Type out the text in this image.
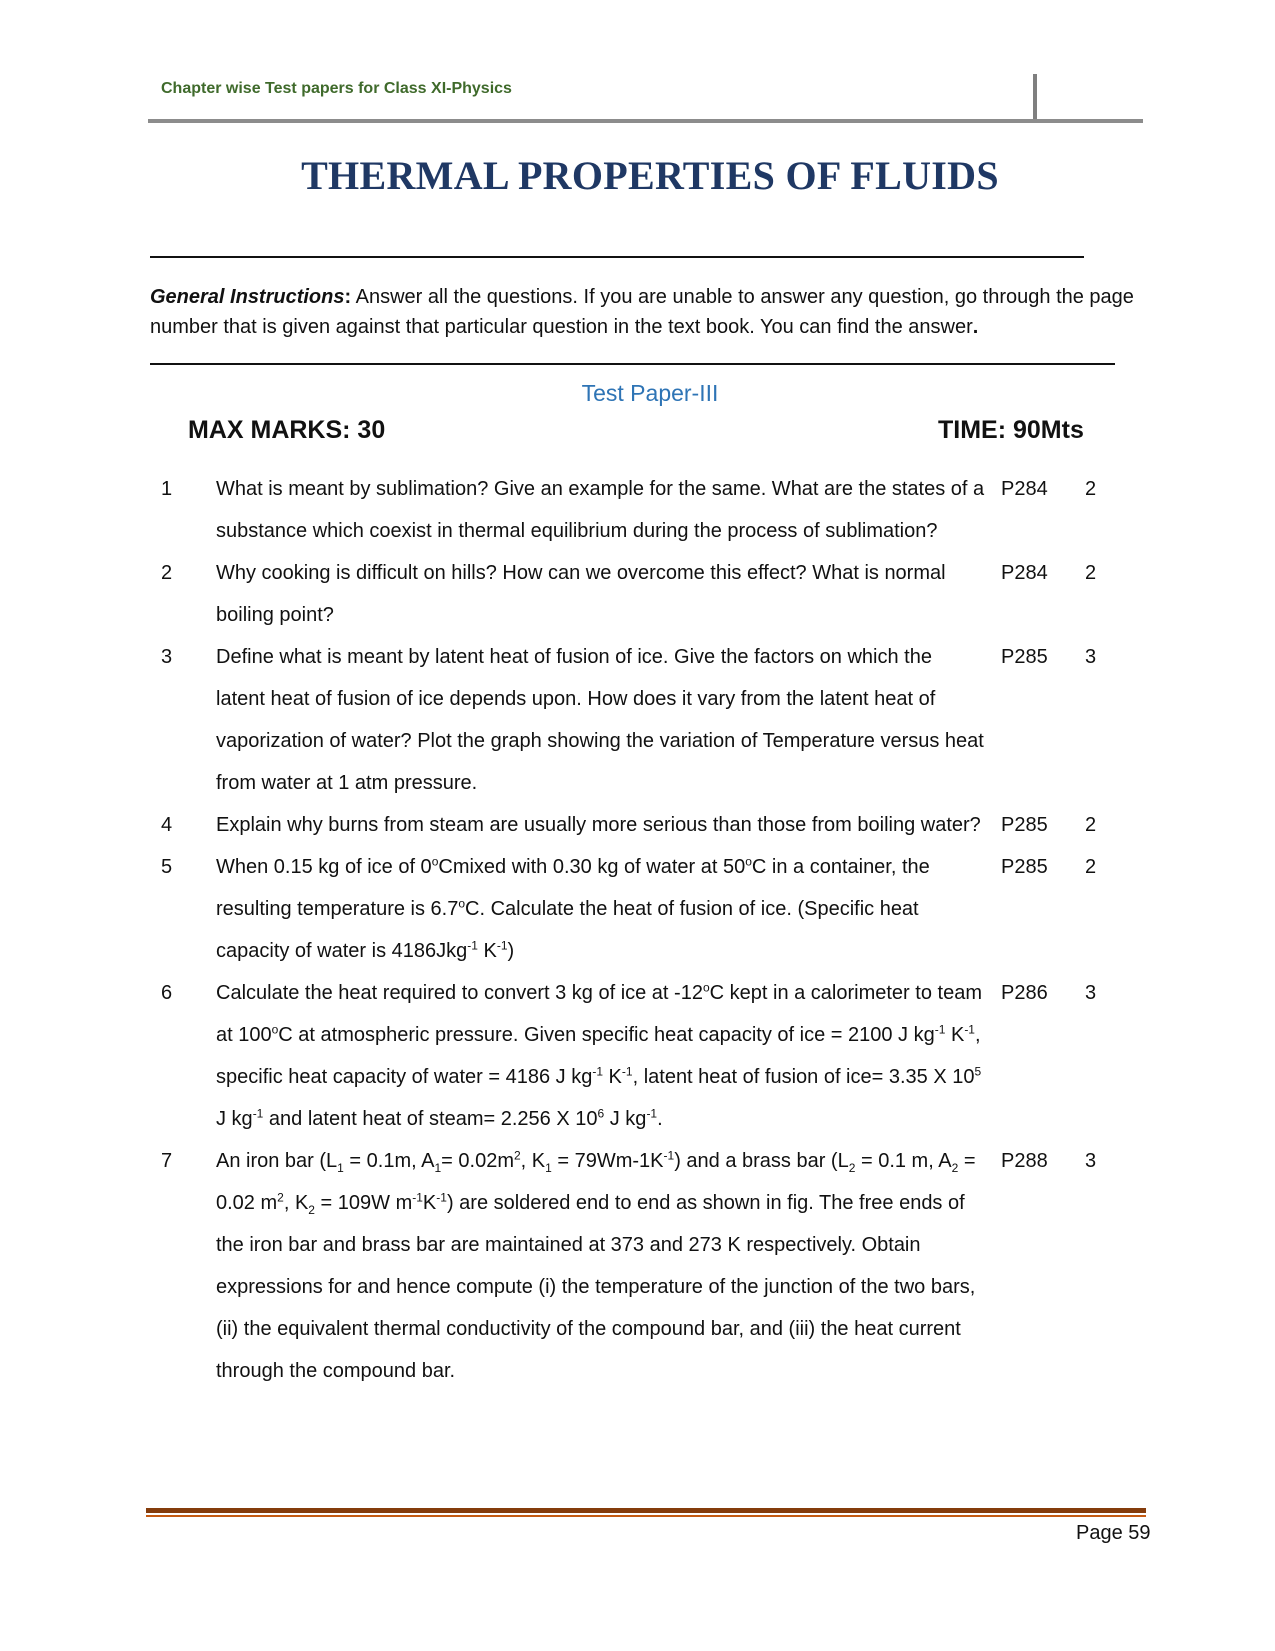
Chapter wise Test papers for Class XI-Physics
THERMAL PROPERTIES OF FLUIDS
General Instructions: Answer all the questions. If you are unable to answer any question, go through the page number that is given against that particular question in the text book. You can find the answer.
Test Paper-III
MAX MARKS: 30	TIME: 90Mts
1 What is meant by sublimation? Give an example for the same. What are the states of a substance which coexist in thermal equilibrium during the process of sublimation?
P284 2
2 Why cooking is difficult on hills? How can we overcome this effect? What is normal boiling point?
P284 2
3 Define what is meant by latent heat of fusion of ice. Give the factors on which the latent heat of fusion of ice depends upon. How does it vary from the latent heat of vaporization of water? Plot the graph showing the variation of Temperature versus heat from water at 1 atm pressure.
P285 3
4 Explain why burns from steam are usually more serious than those from boiling water? P285 2
5 When 0.15 kg of ice of 0$^o$Cmixed with 0.30 kg of water at 50$^o$C in a container, the resulting temperature is 6.7$^o$C. Calculate the heat of fusion of ice. (Specific heat capacity of water is 4186Jkg$^{-1}$ $K^{-1}$)
P285 2
6 Calculate the heat required to convert 3 kg of ice at -12$^o$C kept in a calorimeter to team at 100$^o$C at atmospheric pressure. Given specific heat capacity of ice = 2100 J $kg^{-1}$ $K^{-1}$, specific heat capacity of water = 4186 J $kg^{-1}$ $K^{-1}$, latent heat of fusion of ice= 3.35 X $10^5$ J $kg^{-1}$ and latent heat of steam= 2.256 X $10^6$ J $kg^{-1}$.
P286 3
7 An iron bar ($L_1 = 0.1m$, $A_1= 0.02m^2$, $K_1 = 79Wm-1K^{-1}$) and a brass bar ($L_2 = 0.1$ m, $A_2 = 0.02$ $m^2$, $K_2 = 109W$ $m^{-1}K^{-1}$) are soldered end to end as shown in fig. The free ends of the iron bar and brass bar are maintained at 373 and 273 K respectively. Obtain expressions for and hence compute (i) the temperature of the junction of the two bars, (ii) the equivalent thermal conductivity of the compound bar, and (iii) the heat current through the compound bar.
P288 3
Page 59
